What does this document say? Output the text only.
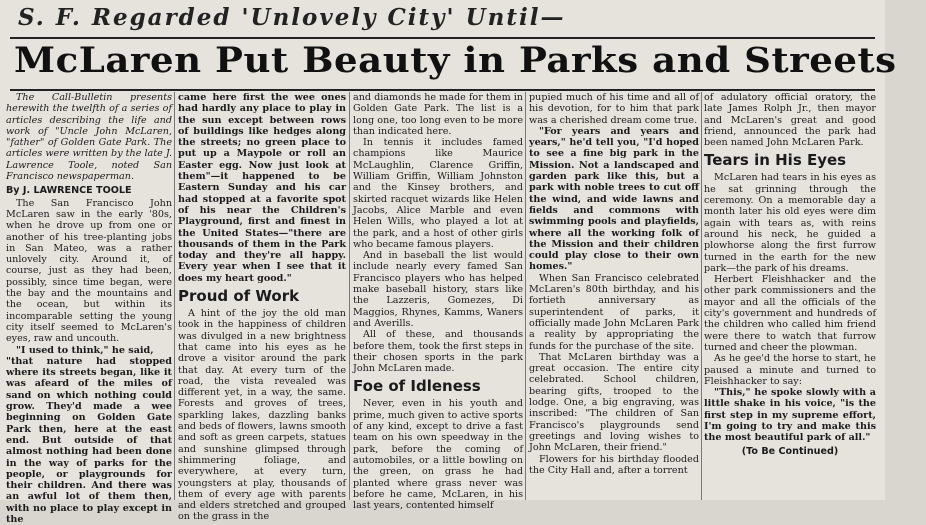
S. F. Regarded 'Unlovely City' Until—
McLaren Put Beauty in Parks and Streets

The Call-Bulletin presents herewith the twelfth of a series of articles describing the life and work of "Uncle John McLaren, "father" of Golden Gate Park. The articles were written by the late J. Lawrence Toole, noted San Francisco newspaperman.

By J. LAWRENCE TOOLE

The San Francisco John McLaren saw in the early '80s, when he drove up from one or another of his tree-planting jobs in San Mateo, was a rather unlovely city. Around it, of course, just as they had been, possibly, since time began, were the bay and the mountains and the ocean, but within its incomparable setting the young city itself seemed to McLaren's eyes, raw and uncouth.

"I used to think," he said,

"that nature had stopped where its streets began, like it was afeard of the miles of sand on which nothing could grow. They'd made a wee beginning on Golden Gate Park then, here at the east end. But outside of that almost nothing had been done in the way of parks for the people, or playgrounds for their children. And there was an awful lot of them then, with no place to play except in the

came here first the wee ones had hardly any place to play in the sun except between rows of buildings like hedges along the streets; no green place to put up a Maypole or roll an Easter egg. Now just look at them"—it happened to be Eastern Sunday and his car had stopped at a favorite spot of his near the Children's Playground, first and finest in the United States—"there are thousands of them in the Park today and they're all happy. Every year when I see that it does my heart good."

Proud of Work

A hint of the joy the old man took in the happiness of children was divulged in a new brightness that came into his eyes as he drove a visitor around the park that day. At every turn of the road, the vista revealed was different yet, in a way, the same. Forests and groves of trees, sparkling lakes, dazzling banks and beds of flowers, lawns smooth and soft as green carpets, statues and sunshine glimpsed through shimmering foliage, and everywhere, at every turn, youngsters at play, thousands of them of every age with parents and elders stretched and grouped on the grass in the

and diamonds he made for them in Golden Gate Park. The list is a long one, too long even to be more than indicated here.

In tennis it includes famed champions like Maurice McLaughlin, Clarence Griffin, William Griffin, William Johnston and the Kinsey brothers, and skirted racquet wizards like Helen Jacobs, Alice Marble and even Helen Wills, who played a lot at the park, and a host of other girls who became famous players.

And in baseball the list would include nearly every famed San Francisco players who has helped make baseball history, stars like the Lazzeris, Gomezes, Di Maggios, Rhynes, Kamms, Waners and Averills.

All of these, and thousands before them, took the first steps in their chosen sports in the park John McLaren made.

Foe of Idleness

Never, even in his youth and prime, much given to active sports of any kind, except to drive a fast team on his own speedway in the park, before the coming of automobiles, or a little bowling on the green, on grass he had planted where grass never was before he came, McLaren, in his last years, contented himself

pupied much of his time and all of his devotion, for to him that park was a cherished dream come true.

"For years and years and years," he'd tell you, "I'd hoped to see a fine big park in the Mission. Not a landscaped and garden park like this, but a park with noble trees to cut off the wind, and wide lawns and fields and commons with swimming pools and playfields, where all the working folk of the Mission and their children could play close to their own homes."

When San Francisco celebrated McLaren's 80th birthday, and his fortieth anniversary as superintendent of parks, it officially made John McLaren Park a reality by appropriating the funds for the purchase of the site.

That McLaren birthday was a great occasion. The entire city celebrated. School children, bearing gifts, trooped to the lodge. One, a big engraving, was inscribed: "The children of San Francisco's playgrounds send greetings and loving wishes to John McLaren, their friend."

Flowers for his birthday flooded the City Hall and, after a torrent

of adulatory official oratory, the late James Rolph Jr., then mayor and McLaren's great and good friend, announced the park had been named John McLaren Park.

Tears in His Eyes

McLaren had tears in his eyes as he sat grinning through the ceremony. On a memorable day a month later his old eyes were dim again with tears as, with reins around his neck, he guided a plowhorse along the first furrow turned in the earth for the new park—the park of his dreams.

Herbert Fleishhacker and the other park commissioners and the mayor and all the officials of the city's government and hundreds of the children who called him friend were there to watch that furrow turned and cheer the plowman.

As he gee'd the horse to start, he paused a minute and turned to Fleishhacker to say:

"This," he spoke slowly with a little shake in his voice, "is the first step in my supreme effort, I'm going to try and make this the most beautiful park of all."

(To Be Continued)
